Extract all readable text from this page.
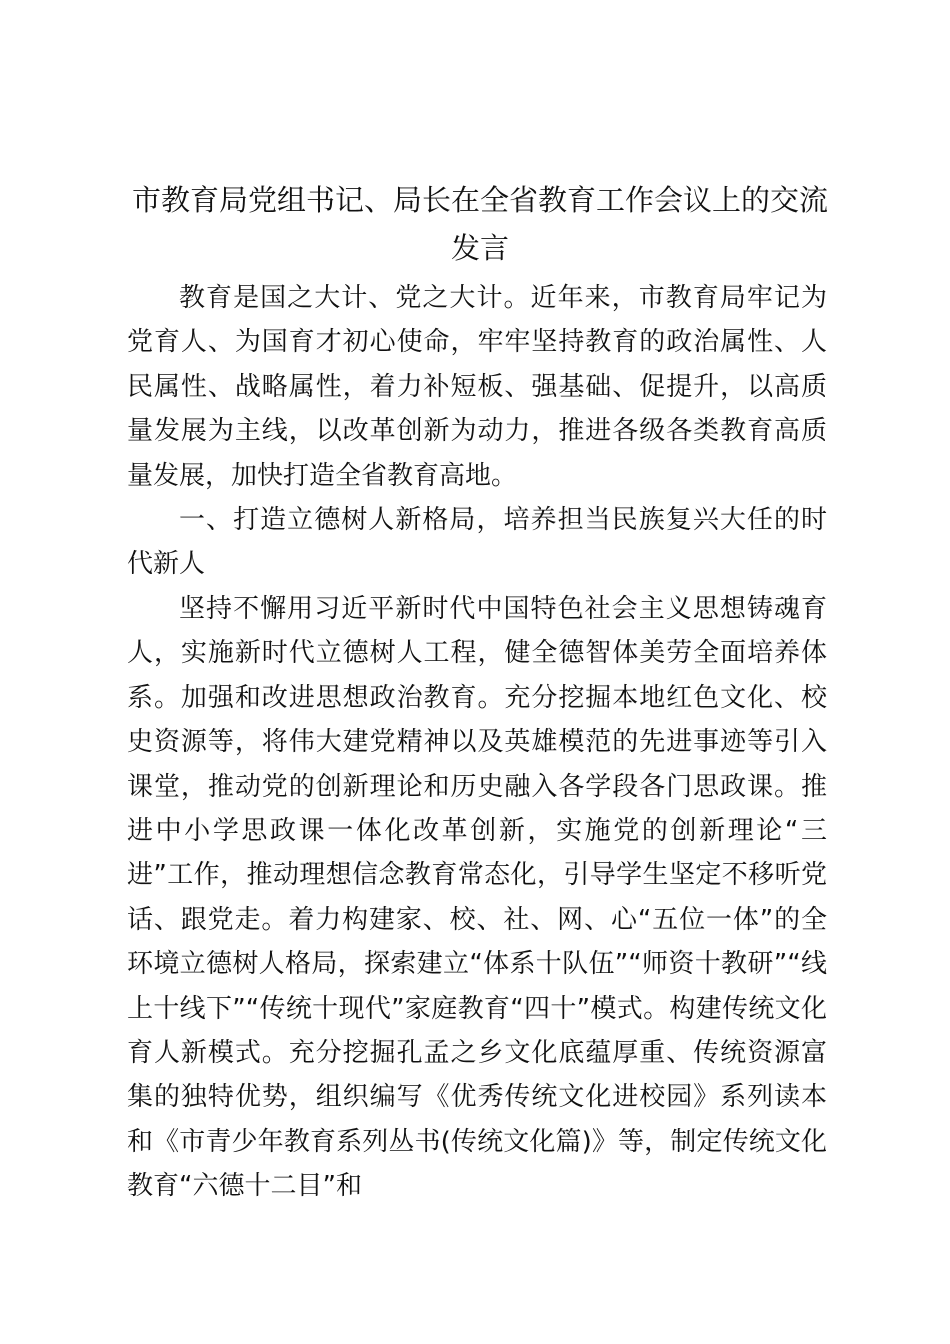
市教育局党组书记、局长在全省教育工作会议上的交流发言

教育是国之大计、党之大计。近年来，市教育局牢记为党育人、为国育才初心使命，牢牢坚持教育的政治属性、人民属性、战略属性，着力补短板、强基础、促提升，以高质量发展为主线，以改革创新为动力，推进各级各类教育高质量发展，加快打造全省教育高地。

一、打造立德树人新格局，培养担当民族复兴大任的时代新人

坚持不懈用习近平新时代中国特色社会主义思想铸魂育人，实施新时代立德树人工程，健全德智体美劳全面培养体系。加强和改进思想政治教育。充分挖掘本地红色文化、校史资源等，将伟大建党精神以及英雄模范的先进事迹等引入课堂，推动党的创新理论和历史融入各学段各门思政课。推进中小学思政课一体化改革创新，实施党的创新理论“三进”工作，推动理想信念教育常态化，引导学生坚定不移听党话、跟党走。着力构建家、校、社、网、心“五位一体”的全环境立德树人格局，探索建立“体系十队伍”“师资十教研”“线上十线下”“传统十现代”家庭教育“四十”模式。构建传统文化育人新模式。充分挖掘孔孟之乡文化底蕴厚重、传统资源富集的独特优势，组织编写《优秀传统文化进校园》系列读本和《市青少年教育系列丛书(传统文化篇)》等，制定传统文化教育“六德十二目”和
